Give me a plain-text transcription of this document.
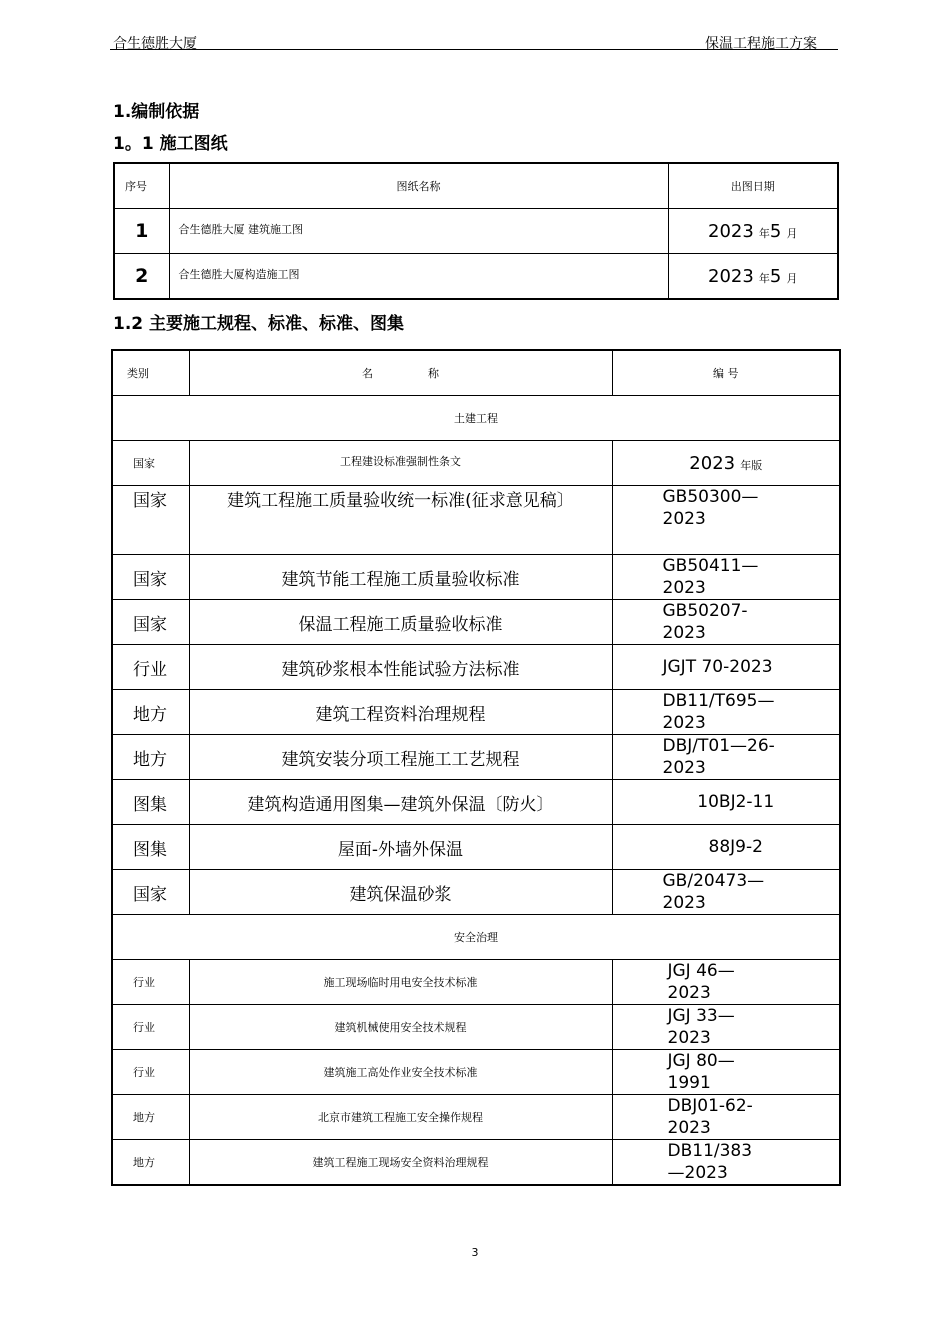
合生德胜大厦	保温工程施工方案
1.编制依据
1。1 施工图纸
序号	图纸名称	出图日期
1	合生德胜大厦 建筑施工图	2023 年5 月
2	合生德胜大厦构造施工图	2023 年5 月
1.2 主要施工规程、标准、标准、图集
类别	名 称	编 号
土建工程		
国家	工程建设标准强制性条文	2023 年版
国家	建筑工程施工质量验收统一标准(征求意见稿〕	GB50300—2023
国家	建筑节能工程施工质量验收标准	GB50411—2023
国家	保温工程施工质量验收标准	GB50207-2023
行业	建筑砂浆根本性能试验方法标准	JGJT 70-2023
地方	建筑工程资料治理规程	DB11/T695—2023
地方	建筑安装分项工程施工工艺规程	DBJ/T01—26-2023
图集	建筑构造通用图集—建筑外保温〔防火〕	10BJ2-11
图集	屋面-外墙外保温	88J9-2
国家	建筑保温砂浆	GB/20473—2023
安全治理		
行业	施工现场临时用电安全技术标准	JGJ 46—2023
行业	建筑机械使用安全技术规程	JGJ 33—2023
行业	建筑施工高处作业安全技术标准	JGJ 80—1991
地方	北京市建筑工程施工安全操作规程	DBJ01-62-2023
地方	建筑工程施工现场安全资料治理规程	DB11/383—2023
3
